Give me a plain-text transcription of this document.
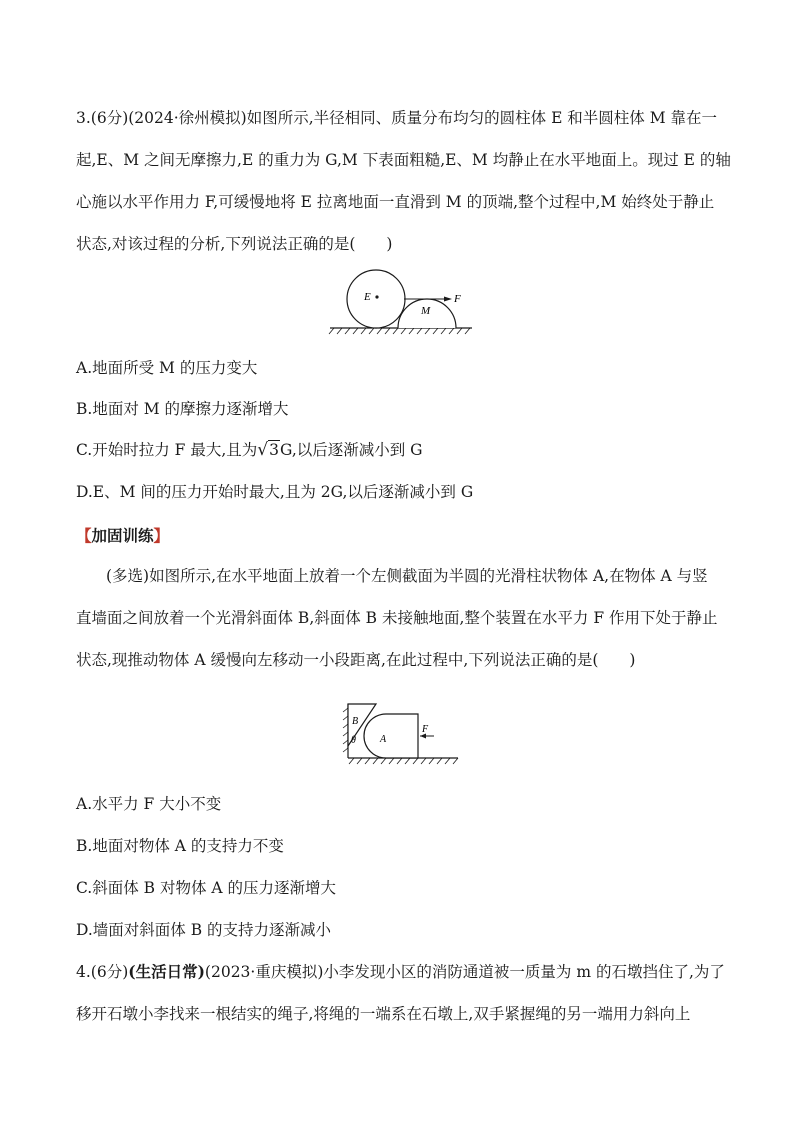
3.(6分)(2024·徐州模拟)如图所示,半径相同、质量分布均匀的圆柱体 E 和半圆柱体 M 靠在一
起,E、M 之间无摩擦力,E 的重力为 G,M 下表面粗糙,E、M 均静止在水平地面上。现过 E 的轴
心施以水平作用力 F,可缓慢地将 E 拉离地面一直滑到 M 的顶端,整个过程中,M 始终处于静止
状态,对该过程的分析,下列说法正确的是(　　)
E
M
F
A.地面所受 M 的压力变大
B.地面对 M 的摩擦力逐渐增大
C.开始时拉力 F 最大,且为√3G,以后逐渐减小到 G
D.E、M 间的压力开始时最大,且为 2G,以后逐渐减小到 G
【加固训练】
(多选)如图所示,在水平地面上放着一个左侧截面为半圆的光滑柱状物体 A,在物体 A 与竖
直墙面之间放着一个光滑斜面体 B,斜面体 B 未接触地面,整个装置在水平力 F 作用下处于静止
状态,现推动物体 A 缓慢向左移动一小段距离,在此过程中,下列说法正确的是(　　)
B
θ A
F
A.水平力 F 大小不变
B.地面对物体 A 的支持力不变
C.斜面体 B 对物体 A 的压力逐渐增大
D.墙面对斜面体 B 的支持力逐渐减小
4.(6分)(生活日常)(2023·重庆模拟)小李发现小区的消防通道被一质量为 m 的石墩挡住了,为了
移开石墩小李找来一根结实的绳子,将绳的一端系在石墩上,双手紧握绳的另一端用力斜向上
